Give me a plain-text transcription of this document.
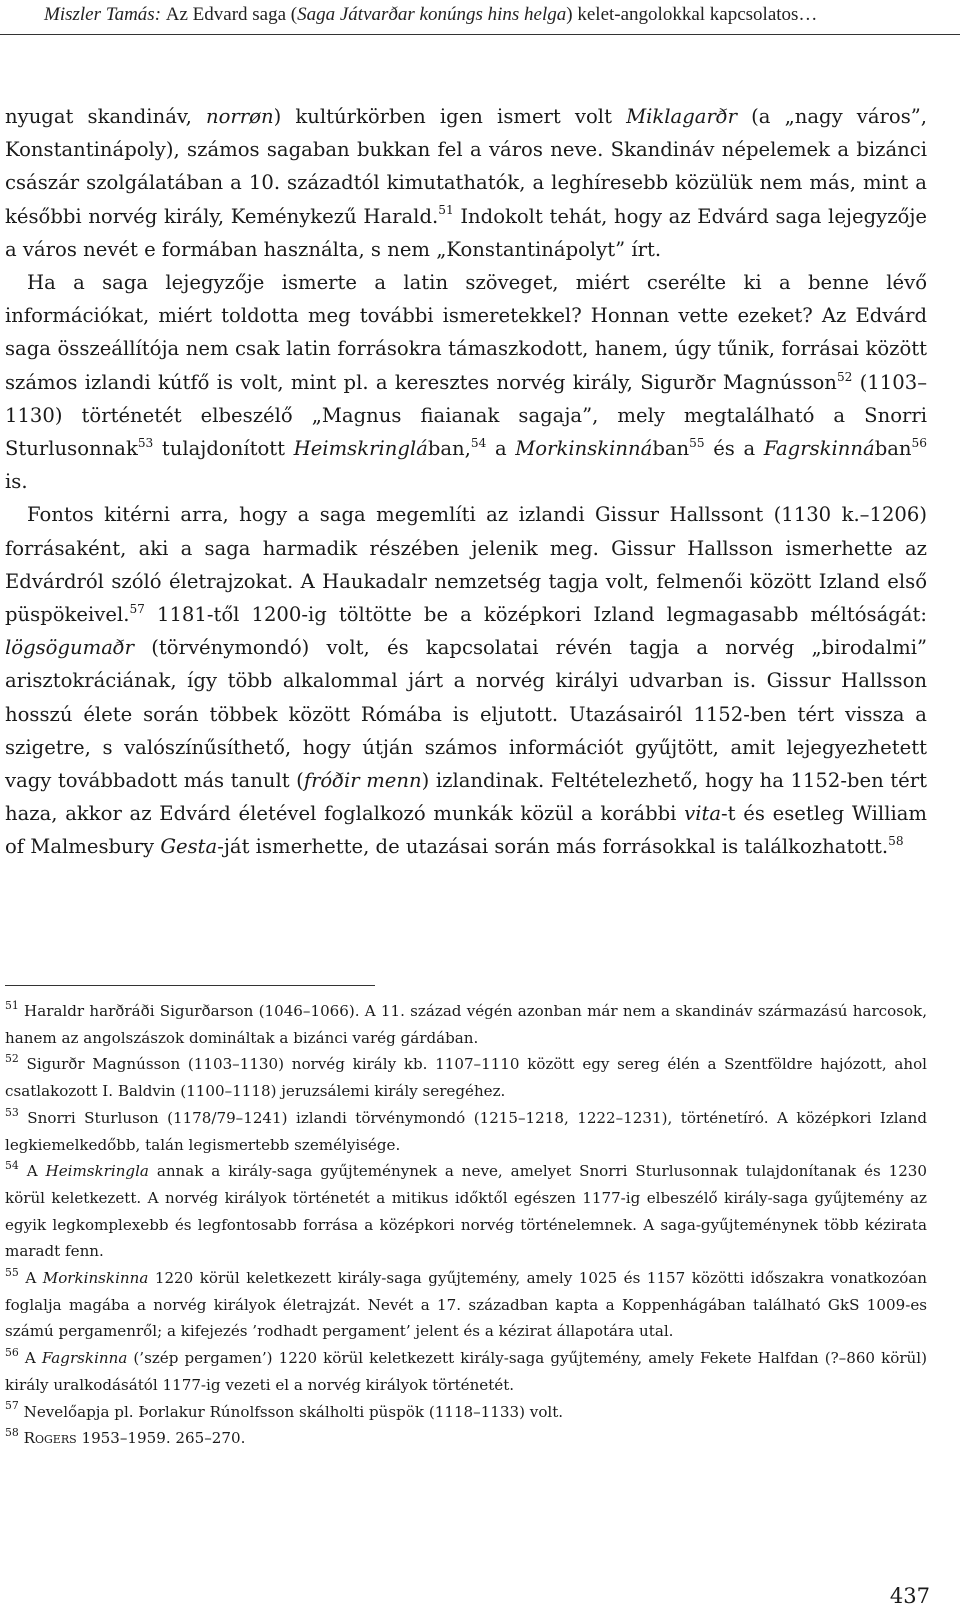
Miszler Tamás: Az Edvard saga (Saga Játvarðar konúngs hins helga) kelet-angolokkal kapcsolatos…

nyugat skandináv, norrøn) kultúrkörben igen ismert volt Miklagarðr (a „nagy város”, Konstantinápoly), számos sagaban bukkan fel a város neve. Skandináv népelemek a bizánci császár szolgálatában a 10. századtól kimutathatók, a leghíresebb közülük nem más, mint a későbbi norvég király, Keménykezű Harald.$^{51}$ Indokolt tehát, hogy az Edvárd saga lejegyzője a város nevét e formában használta, s nem „Konstantinápolyt” írt.

Ha a saga lejegyzője ismerte a latin szöveget, miért cserélte ki a benne lévő információkat, miért toldotta meg további ismeretekkel? Honnan vette ezeket? Az Edvárd saga összeállítója nem csak latin forrásokra támaszkodott, hanem, úgy tűnik, forrásai között számos izlandi kútfő is volt, mint pl. a keresztes norvég király, Sigurðr Magnússon$^{52}$ (1103–1130) történetét elbeszélő „Magnus fiaianak sagaja”, mely megtalálható a Snorri Sturlusonnak$^{53}$ tulajdonított Heimskringlában,$^{54}$ a Morkinskinnában$^{55}$ és a Fagrskinnában$^{56}$ is.

Fontos kitérni arra, hogy a saga megemlíti az izlandi Gissur Hallssont (1130 k.–1206) forrásaként, aki a saga harmadik részében jelenik meg. Gissur Hallsson ismerhette az Edvárdról szóló életrajzokat. A Haukadalr nemzetség tagja volt, felmenői között Izland első püspökeivel.$^{57}$ 1181-től 1200-ig töltötte be a középkori Izland legmagasabb méltóságát: lögsögumaðr (törvénymondó) volt, és kapcsolatai révén tagja a norvég „birodalmi” arisztokráciának, így több alkalommal járt a norvég királyi udvarban is. Gissur Hallsson hosszú élete során többek között Rómába is eljutott. Utazásairól 1152-ben tért vissza a szigetre, s valószínűsíthető, hogy útján számos információt gyűjtött, amit lejegyezhetett vagy továbbadott más tanult (fróðir menn) izlandinak. Feltételezhető, hogy ha 1152-ben tért haza, akkor az Edvárd életével foglalkozó munkák közül a korábbi vita-t és esetleg William of Malmesbury Gesta-ját ismerhette, de utazásai során más forrásokkal is találkozhatott.$^{58}$

$^{51}$ Haraldr harðráði Sigurðarson (1046–1066). A 11. század végén azonban már nem a skandináv származású harcosok, hanem az angolszászok domináltak a bizánci varég gárdában.

$^{52}$ Sigurðr Magnússon (1103–1130) norvég király kb. 1107–1110 között egy sereg élén a Szentföldre hajózott, ahol csatlakozott I. Baldvin (1100–1118) jeruzsálemi király seregéhez.

$^{53}$ Snorri Sturluson (1178/79–1241) izlandi törvénymondó (1215–1218, 1222–1231), történetíró. A középkori Izland legkiemelkedőbb, talán legismertebb személyisége.

$^{54}$ A Heimskringla annak a király-saga gyűjteménynek a neve, amelyet Snorri Sturlusonnak tulajdonítanak és 1230 körül keletkezett. A norvég királyok történetét a mitikus időktől egészen 1177-ig elbeszélő király-saga gyűjtemény az egyik legkomplexebb és legfontosabb forrása a középkori norvég történelemnek. A saga-gyűjteménynek több kézirata maradt fenn.

$^{55}$ A Morkinskinna 1220 körül keletkezett király-saga gyűjtemény, amely 1025 és 1157 közötti időszakra vonatkozóan foglalja magába a norvég királyok életrajzát. Nevét a 17. században kapta a Koppenhágában található GkS 1009-es számú pergamenről; a kifejezés ’rodhadt pergament’ jelent és a kézirat állapotára utal.

$^{56}$ A Fagrskinna (’szép pergamen’) 1220 körül keletkezett király-saga gyűjtemény, amely Fekete Halfdan (?–860 körül) király uralkodásától 1177-ig vezeti el a norvég királyok történetét.

$^{57}$ Nevelőapja pl. Þorlakur Rúnolfsson skálholti püspök (1118–1133) volt.

$^{58}$ Rogers 1953–1959. 265–270.

437
